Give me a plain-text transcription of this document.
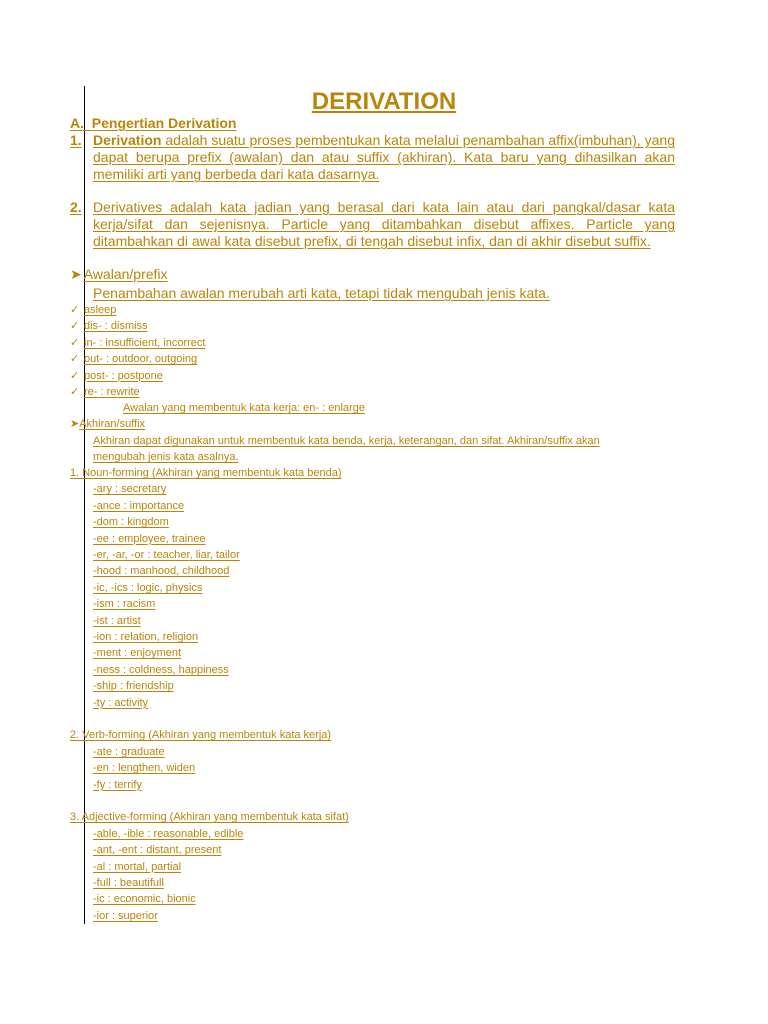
DERIVATION
A. Pengertian Derivation
1. Derivation adalah suatu proses pembentukan kata melalui penambahan affix(imbuhan), yang dapat berupa prefix (awalan) dan atau suffix (akhiran). Kata baru yang dihasilkan akan memiliki arti yang berbeda dari kata dasarnya.
2. Derivatives adalah kata jadian yang berasal dari kata lain atau dari pangkal/dasar kata kerja/sifat dan sejenisnya. Particle yang ditambahkan disebut affixes. Particle yang ditambahkan di awal kata disebut prefix, di tengah disebut infix, dan di akhir disebut suffix.
➤ Awalan/prefix
Penambahan awalan merubah arti kata, tetapi tidak mengubah jenis kata.
✓ asleep
✓ dis- : dismiss
✓ in- : insufficient, incorrect
✓ out- : outdoor, outgoing
✓ post- : postpone
✓ re- : rewrite
Awalan yang membentuk kata kerja: en- : enlarge
➤Akhiran/suffix
Akhiran dapat digunakan untuk membentuk kata benda, kerja, keterangan, dan sifat. Akhiran/suffix akan
mengubah jenis kata asalnya.
1. Noun-forming (Akhiran yang membentuk kata benda)
-ary : secretary
-ance : importance
-dom : kingdom
-ee : employee, trainee
-er, -ar, -or : teacher, liar, tailor
-hood : manhood, childhood
-ic, -ics : logic, physics
-ism : racism
-ist : artist
-ion : relation, religion
-ment : enjoyment
-ness : coldness, happiness
-ship : friendship
-ty : activity
2. Verb-forming (Akhiran yang membentuk kata kerja)
-ate : graduate
-en : lengthen, widen
-fy : terrify
3. Adjective-forming (Akhiran yang membentuk kata sifat)
-able, -ible : reasonable, edible
-ant, -ent : distant, present
-al : mortal, partial
-full : beautifull
-ic : economic, bionic
-ior : superior
